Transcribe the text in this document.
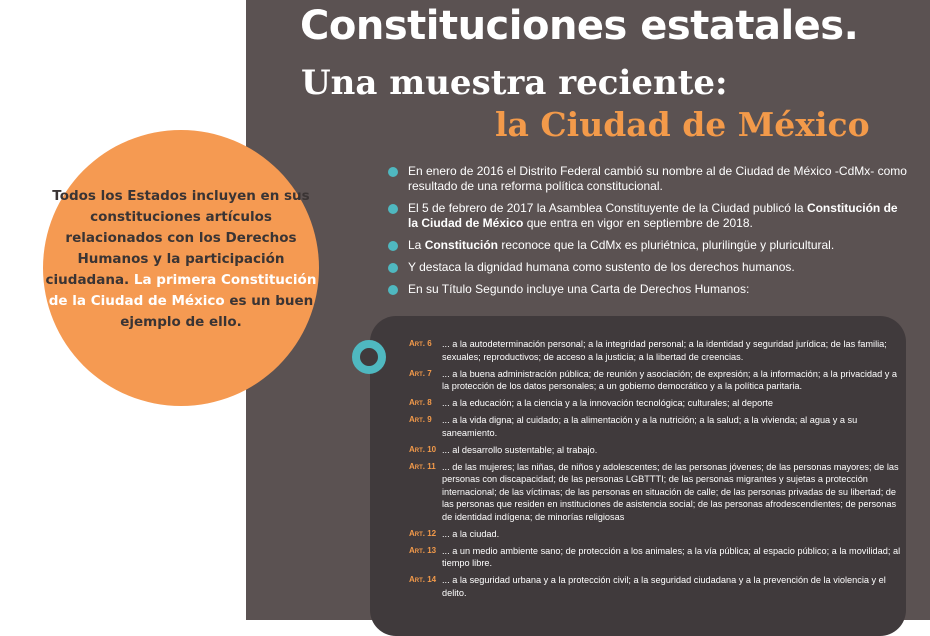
Constituciones estatales.
Una muestra reciente:
la Ciudad de México
En enero de 2016 el Distrito Federal cambió su nombre al de Ciudad de México -CdMx- como resultado de una reforma política constitucional.
El 5 de febrero de 2017 la Asamblea Constituyente de la Ciudad publicó la Constitución de la Ciudad de México que entra en vigor en septiembre de 2018.
La Constitución reconoce que la CdMx es pluriétnica, plurilingüe y pluricultural.
Y destaca la dignidad humana como sustento de los derechos humanos.
En su Título Segundo incluye una Carta de Derechos Humanos:

Todos los Estados incluyen en sus constituciones artículos relacionados con los Derechos Humanos y la participación ciudadana. La primera Constitución de la Ciudad de México es un buen ejemplo de ello.

Art. 6	... a la autodeterminación personal; a la integridad personal; a la identidad y seguridad jurídica; de las familia; sexuales; reproductivos; de acceso a la justicia; a la libertad de creencias.
Art. 7	... a la buena administración pública; de reunión y asociación; de expresión; a la información; a la privacidad y a la protección de los datos personales; a un gobierno democrático y a la política paritaria.
Art. 8	... a la educación; a la ciencia y a la innovación tecnológica; culturales; al deporte
Art. 9	... a la vida digna; al cuidado; a la alimentación y a la nutrición; a la salud; a la vivienda; al agua y a su saneamiento.
Art. 10 ... al desarrollo sustentable; al trabajo.
Art. 11 ... de las mujeres; las niñas, de niños y adolescentes; de las personas jóvenes; de las personas mayores; de las personas con discapacidad; de las personas LGBTTTI; de las personas migrantes y sujetas a protección internacional; de las víctimas; de las personas en situación de calle; de las personas privadas de su libertad; de las personas que residen en instituciones de asistencia social; de las personas afrodescendientes; de personas de identidad indígena; de minorías religiosas
Art. 12 ... a la ciudad.
Art. 13 ... a un medio ambiente sano; de protección a los animales; a la vía pública; al espacio público; a la movilidad; al tiempo libre.
Art. 14 ... a la seguridad urbana y a la protección civil; a la seguridad ciudadana y a la prevención de la violencia y el delito.
